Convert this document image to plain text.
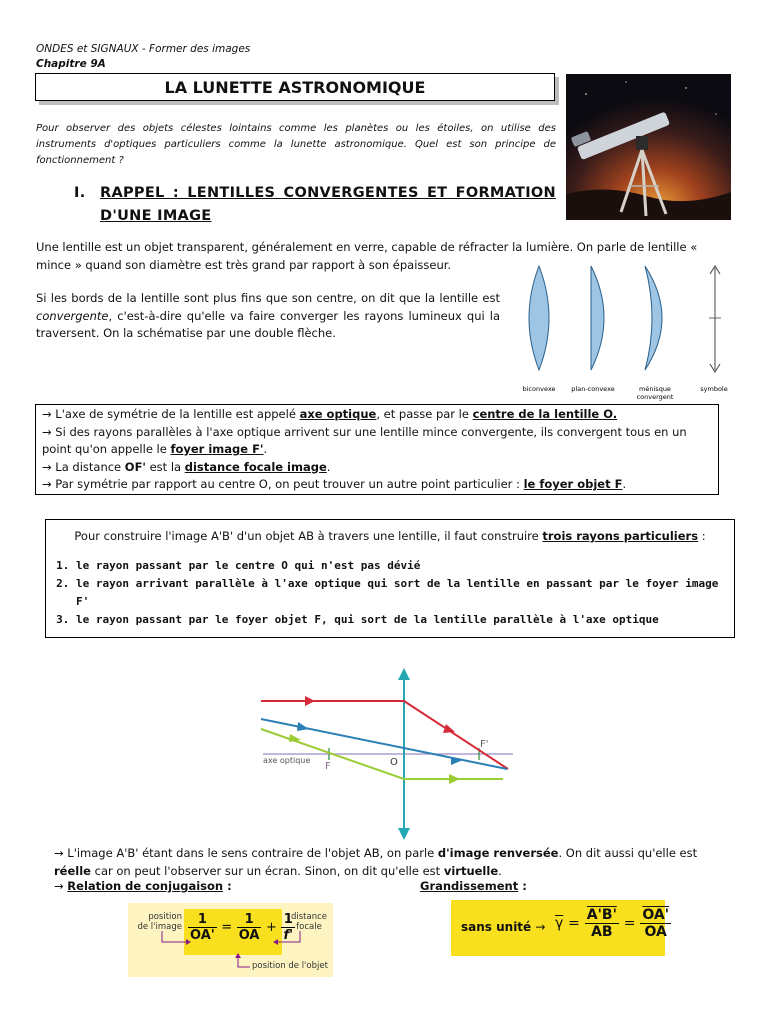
ONDES et SIGNAUX - Former des images
Chapitre 9A
LA LUNETTE ASTRONOMIQUE
Pour observer des objets célestes lointains comme les planètes ou les étoiles, on utilise des instruments d'optiques particuliers comme la lunette astronomique. Quel est son principe de fonctionnement ?
I. RAPPEL : LENTILLES CONVERGENTES ET FORMATION D'UNE IMAGE
Une lentille est un objet transparent, généralement en verre, capable de réfracter la lumière. On parle de lentille « mince » quand son diamètre est très grand par rapport à son épaisseur.
Si les bords de la lentille sont plus fins que son centre, on dit que la lentille est convergente, c'est-à-dire qu'elle va faire converger les rayons lumineux qui la traversent. On la schématise par une double flèche.
biconvexe plan-convexe	ménisque
convergent
symbole
→ L'axe de symétrie de la lentille est appelé axe optique, et passe par le centre de la lentille O.
→ Si des rayons parallèles à l'axe optique arrivent sur une lentille mince convergente, ils convergent tous en un point qu'on appelle le foyer image F'.
→ La distance OF' est la distance focale image.
→ Par symétrie par rapport au centre O, on peut trouver un autre point particulier : le foyer objet F.
Pour construire l'image A'B' d'un objet AB à travers une lentille, il faut construire trois rayons particuliers :
1. le rayon passant par le centre O qui n'est pas dévié
2. le rayon arrivant parallèle à l'axe optique qui sort de la lentille en passant par le foyer image F'
3. le rayon passant par le foyer objet F, qui sort de la lentille parallèle à l'axe optique
axe optique
F	O
F'
→ L'image A'B' étant dans le sens contraire de l'objet AB, on parle d'image renversée. On dit aussi qu'elle est réelle car on peut l'observer sur un écran. Sinon, on dit qu'elle est virtuelle.
→ Relation de conjugaison :	Grandissement :
position
de l'image
distance
focale
$\frac{1}{OA'} = \frac{1}{OA} + \frac{1}{f'}$
position de l'objet
sans unité → $\overline{\gamma} = \frac{A'B'}{AB} = \frac{OA'}{OA}$
